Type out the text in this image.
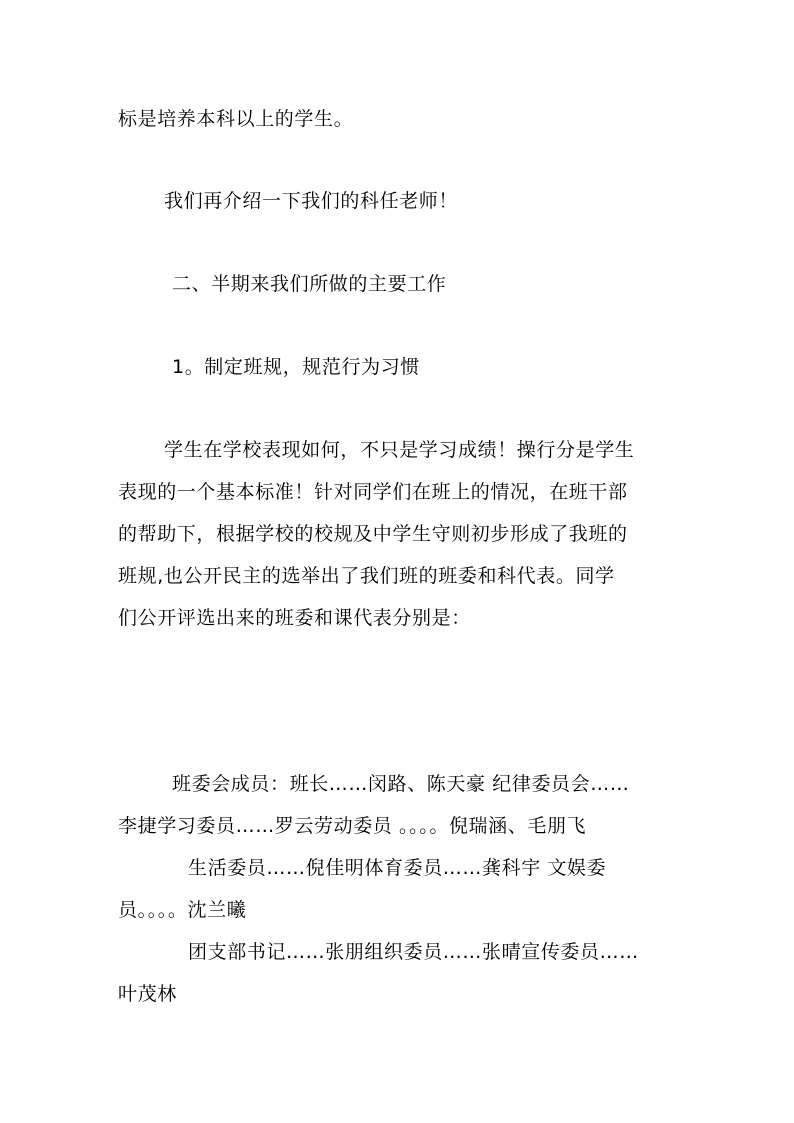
标是培养本科以上的学生。

我们再介绍一下我们的科任老师！

二、半期来我们所做的主要工作

1。制定班规，规范行为习惯

学生在学校表现如何，不只是学习成绩！操行分是学生

表现的一个基本标准！针对同学们在班上的情况，在班干部

的帮助下，根据学校的校规及中学生守则初步形成了我班的

班规,也公开民主的选举出了我们班的班委和科代表。同学

们公开评选出来的班委和课代表分别是：

班委会成员：班长……闵路、陈天豪 纪律委员会……

李捷学习委员……罗云劳动委员 。。。。倪瑞涵、毛朋飞

生活委员……倪佳明体育委员……龚科宇 文娱委

员。。。。沈兰曦

团支部书记……张朋组织委员……张晴宣传委员……

叶茂林
